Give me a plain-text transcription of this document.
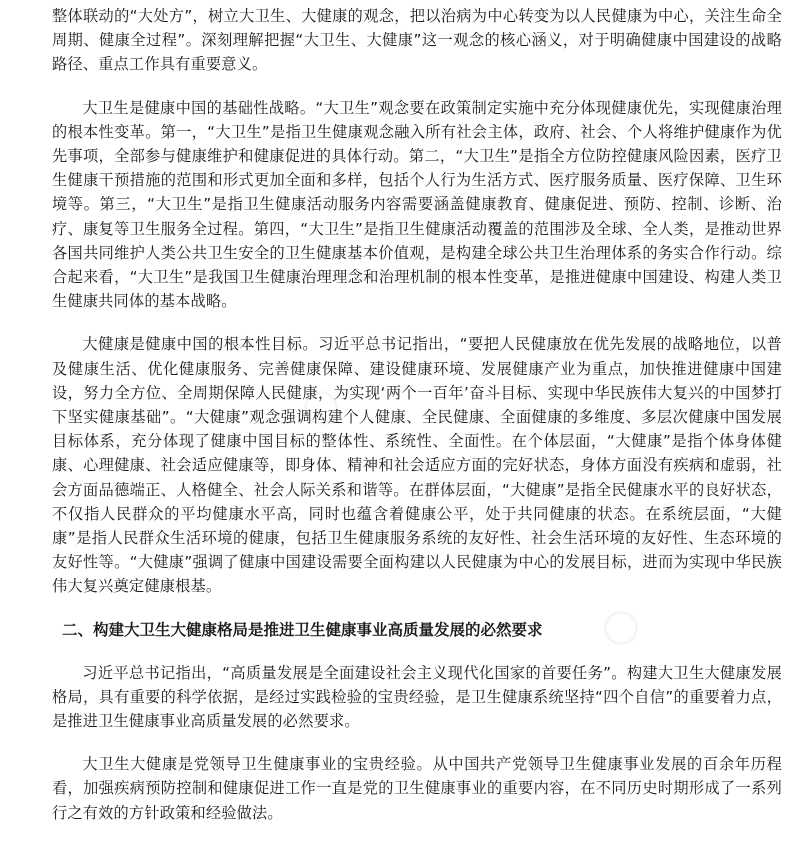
○
○
○

整体联动的“大处方”，树立大卫生、大健康的观念，把以治病为中心转变为以人民健康为中心，关注生命全周期、健康全过程”。深刻理解把握“大卫生、大健康”这一观念的核心涵义，对于明确健康中国建设的战略路径、重点工作具有重要意义。

大卫生是健康中国的基础性战略。“大卫生”观念要在政策制定实施中充分体现健康优先，实现健康治理的根本性变革。第一，“大卫生”是指卫生健康观念融入所有社会主体，政府、社会、个人将维护健康作为优先事项，全部参与健康维护和健康促进的具体行动。第二，“大卫生”是指全方位防控健康风险因素，医疗卫生健康干预措施的范围和形式更加全面和多样，包括个人行为生活方式、医疗服务质量、医疗保障、卫生环境等。第三，“大卫生”是指卫生健康活动服务内容需要涵盖健康教育、健康促进、预防、控制、诊断、治疗、康复等卫生服务全过程。第四，“大卫生”是指卫生健康活动覆盖的范围涉及全球、全人类，是推动世界各国共同维护人类公共卫生安全的卫生健康基本价值观，是构建全球公共卫生治理体系的务实合作行动。综合起来看，“大卫生”是我国卫生健康治理理念和治理机制的根本性变革，是推进健康中国建设、构建人类卫生健康共同体的基本战略。

大健康是健康中国的根本性目标。习近平总书记指出，“要把人民健康放在优先发展的战略地位，以普及健康生活、优化健康服务、完善健康保障、建设健康环境、发展健康产业为重点，加快推进健康中国建设，努力全方位、全周期保障人民健康，为实现‘两个一百年’奋斗目标、实现中华民族伟大复兴的中国梦打下坚实健康基础”。“大健康”观念强调构建个人健康、全民健康、全面健康的多维度、多层次健康中国发展目标体系，充分体现了健康中国目标的整体性、系统性、全面性。在个体层面，“大健康”是指个体身体健康、心理健康、社会适应健康等，即身体、精神和社会适应方面的完好状态，身体方面没有疾病和虚弱，社会方面品德端正、人格健全、社会人际关系和谐等。在群体层面，“大健康”是指全民健康水平的良好状态，不仅指人民群众的平均健康水平高，同时也蕴含着健康公平，处于共同健康的状态。在系统层面，“大健康”是指人民群众生活环境的健康，包括卫生健康服务系统的友好性、社会生活环境的友好性、生态环境的友好性等。“大健康”强调了健康中国建设需要全面构建以人民健康为中心的发展目标，进而为实现中华民族伟大复兴奠定健康根基。

二、构建大卫生大健康格局是推进卫生健康事业高质量发展的必然要求

习近平总书记指出，“高质量发展是全面建设社会主义现代化国家的首要任务”。构建大卫生大健康发展格局，具有重要的科学依据，是经过实践检验的宝贵经验，是卫生健康系统坚持“四个自信”的重要着力点，是推进卫生健康事业高质量发展的必然要求。

大卫生大健康是党领导卫生健康事业的宝贵经验。从中国共产党领导卫生健康事业发展的百余年历程看，加强疾病预防控制和健康促进工作一直是党的卫生健康事业的重要内容，在不同历史时期形成了一系列行之有效的方针政策和经验做法。
